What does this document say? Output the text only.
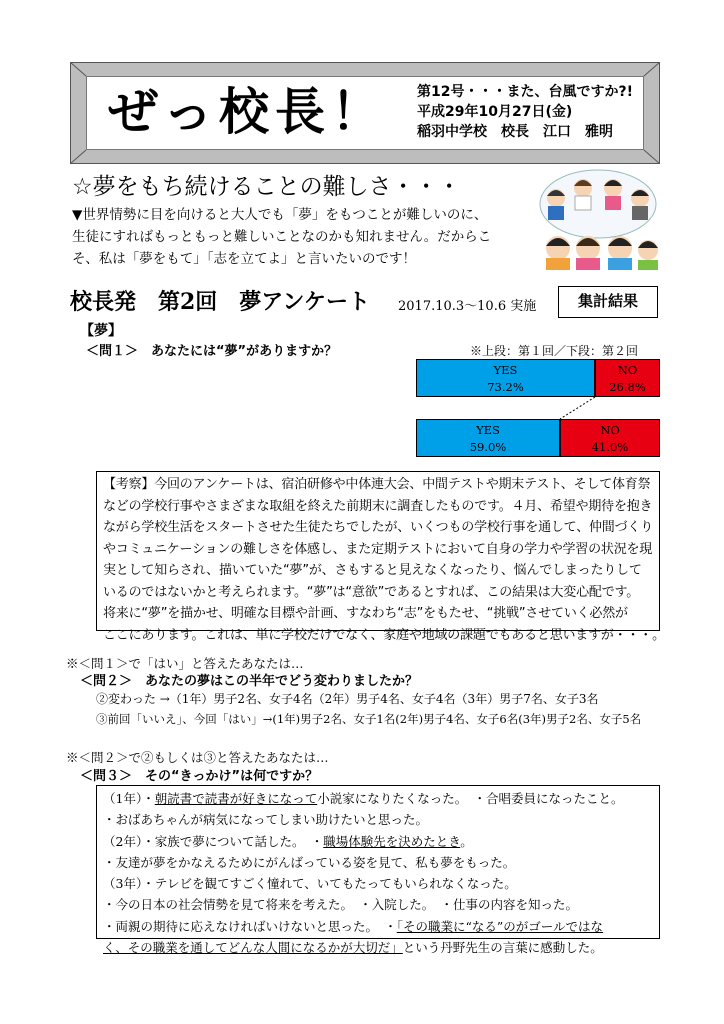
ぜっ校長！ 第12号・・・また、台風ですか?!
平成29年10月27日(金)
稲羽中学校　校長　江口　雅明
☆夢をもち続けることの難しさ・・・
▼世界情勢に目を向けると大人でも「夢」をもつことが難しいのに、
生徒にすればもっともっと難しいことなのかも知れません。だからこ
そ、私は「夢をもて」「志を立てよ」と言いたいのです！
校長発　第2回　夢アンケート 2017.10.3～10.6 実施	集計結果
【夢】
＜問１＞　あなたには“夢”がありますか？	※上段：第１回／下段：第２回
YES
73.2%
NO
26.8%
YES
59.0%
NO
41.0%
【考察】今回のアンケートは、宿泊研修や中体連大会、中間テストや期末テスト、そして体育祭
などの学校行事やさまざまな取組を終えた前期末に調査したものです。４月、希望や期待を抱き
ながら学校生活をスタートさせた生徒たちでしたが、いくつもの学校行事を通して、仲間づくり
やコミュニケーションの難しさを体感し、また定期テストにおいて自身の学力や学習の状況を現
実として知らされ、描いていた“夢”が、さもすると見えなくなったり、悩んでしまったりして
いるのではないかと考えられます。“夢”は“意欲”であるとすれば、この結果は大変心配です。
将来に“夢”を描かせ、明確な目標や計画、すなわち“志”をもたせ、“挑戦”させていく必然が
ここにあります。これは、単に学校だけでなく、家庭や地域の課題でもあると思いますが・・・。
※＜問１＞で「はい」と答えたあなたは…
＜問２＞　あなたの夢はこの半年でどう変わりましたか？
②変わった →（1年）男子2名、女子4名（2年）男子4名、女子4名（3年）男子7名、女子3名
③前回「いいえ」、今回「はい」→(1年)男子2名、女子1名(2年)男子4名、女子6名(3年)男子2名、女子5名
※＜問２＞で②もしくは③と答えたあなたは…
＜問３＞　その“きっかけ”は何ですか？
（1年）・朝読書で読書が好きになって小説家になりたくなった。　・合唱委員になったこと。
・おばあちゃんが病気になってしまい助けたいと思った。
（2年）・家族で夢について話した。　・職場体験先を決めたとき。
・友達が夢をかなえるためにがんばっている姿を見て、私も夢をもった。
（3年）・テレビを観てすごく憧れて、いてもたってもいられなくなった。
・今の日本の社会情勢を見て将来を考えた。　・入院した。　・仕事の内容を知った。
・両親の期待に応えなければいけないと思った。　・「その職業に“なる”のがゴールではな
く、その職業を通してどんな人間になるかが大切だ」という丹野先生の言葉に感動した。
